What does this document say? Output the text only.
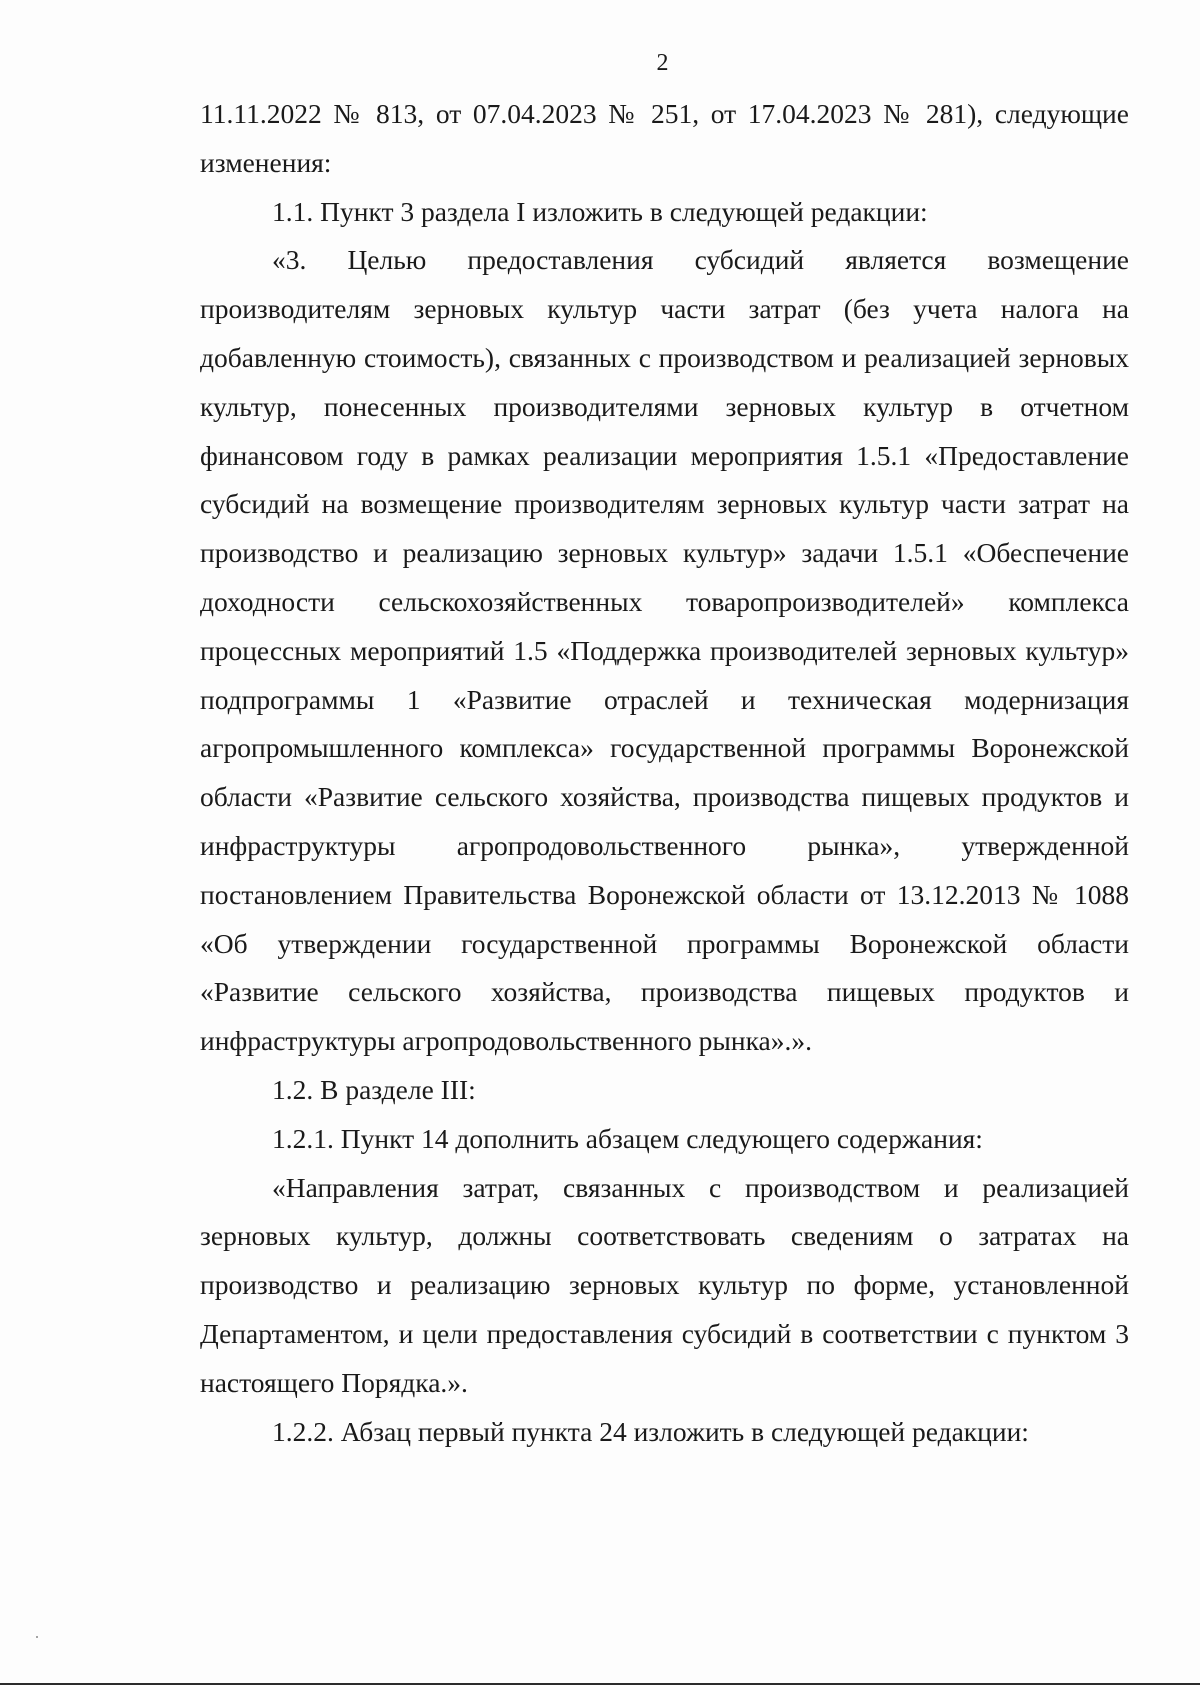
2

11.11.2022 № 813, от 07.04.2023 № 251, от 17.04.2023 № 281), следующие изменения:

1.1. Пункт 3 раздела I изложить в следующей редакции:

«3. Целью предоставления субсидий является возмещение производителям зерновых культур части затрат (без учета налога на добавленную стоимость), связанных с производством и реализацией зерновых культур, понесенных производителями зерновых культур в отчетном финансовом году в рамках реализации мероприятия 1.5.1 «Предоставление субсидий на возмещение производителям зерновых культур части затрат на производство и реализацию зерновых культур» задачи 1.5.1 «Обеспечение доходности сельскохозяйственных товаропроизводителей» комплекса процессных мероприятий 1.5 «Поддержка производителей зерновых культур» подпрограммы 1 «Развитие отраслей и техническая модернизация агропромышленного комплекса» государственной программы Воронежской области «Развитие сельского хозяйства, производства пищевых продуктов и инфраструктуры агропродовольственного рынка», утвержденной постановлением Правительства Воронежской области от 13.12.2013 № 1088 «Об утверждении государственной программы Воронежской области «Развитие сельского хозяйства, производства пищевых продуктов и инфраструктуры агропродовольственного рынка».».

1.2. В разделе III:

1.2.1. Пункт 14 дополнить абзацем следующего содержания:

«Направления затрат, связанных с производством и реализацией зерновых культур, должны соответствовать сведениям о затратах на производство и реализацию зерновых культур по форме, установленной Департаментом, и цели предоставления субсидий в соответствии с пунктом 3 настоящего Порядка.».

1.2.2. Абзац первый пункта 24 изложить в следующей редакции:
